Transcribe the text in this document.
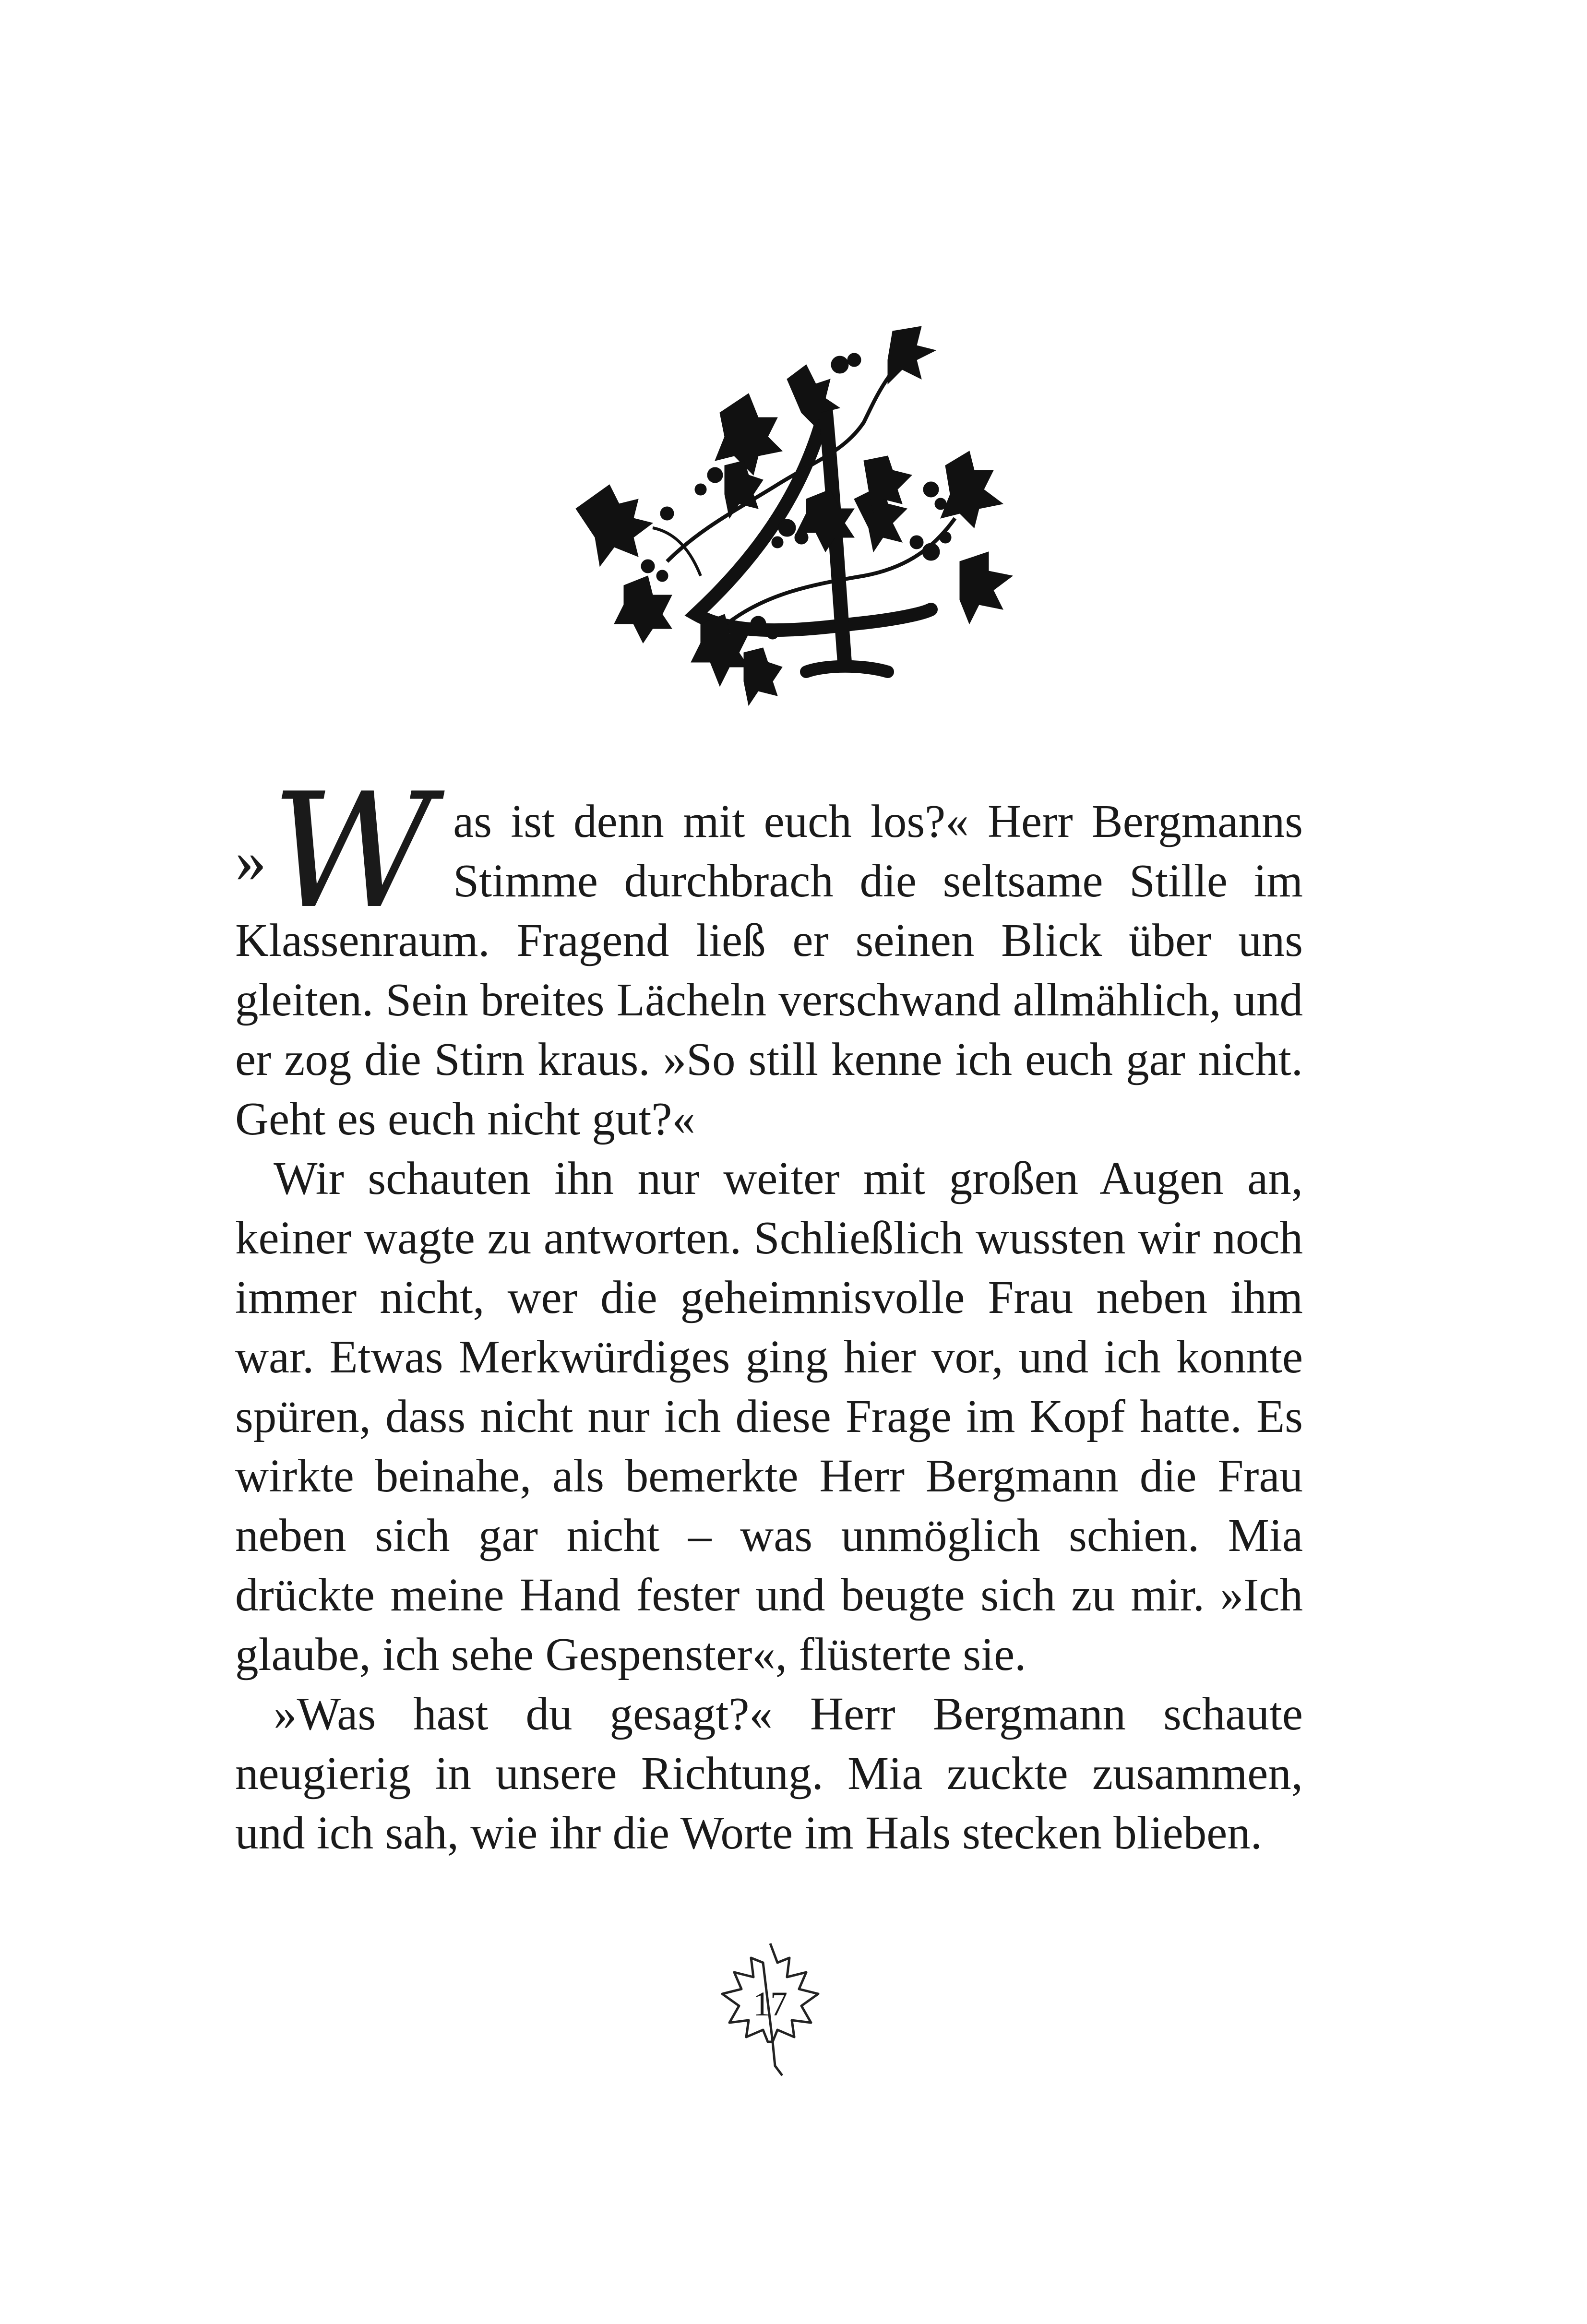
» W as ist denn mit euch los?« Herr Bergmanns Stimme durchbrach die seltsame Stille im Klassenraum. Fragend ließ er seinen Blick über uns gleiten. Sein breites Lächeln verschwand allmählich, und er zog die Stirn kraus. »So still kenne ich euch gar nicht. Geht es euch nicht gut?«

Wir schauten ihn nur weiter mit großen Augen an, keiner wagte zu antworten. Schließlich wussten wir noch immer nicht, wer die geheimnisvolle Frau neben ihm war. Etwas Merkwürdiges ging hier vor, und ich konnte spüren, dass nicht nur ich diese Frage im Kopf hatte. Es wirkte beinahe, als bemerkte Herr Bergmann die Frau neben sich gar nicht – was unmöglich schien. Mia drückte meine Hand fester und beugte sich zu mir. »Ich glaube, ich sehe Gespenster«, flüsterte sie.

»Was hast du gesagt?« Herr Bergmann schaute neugierig in unsere Richtung. Mia zuckte zusammen, und ich sah, wie ihr die Worte im Hals stecken blieben.

17
